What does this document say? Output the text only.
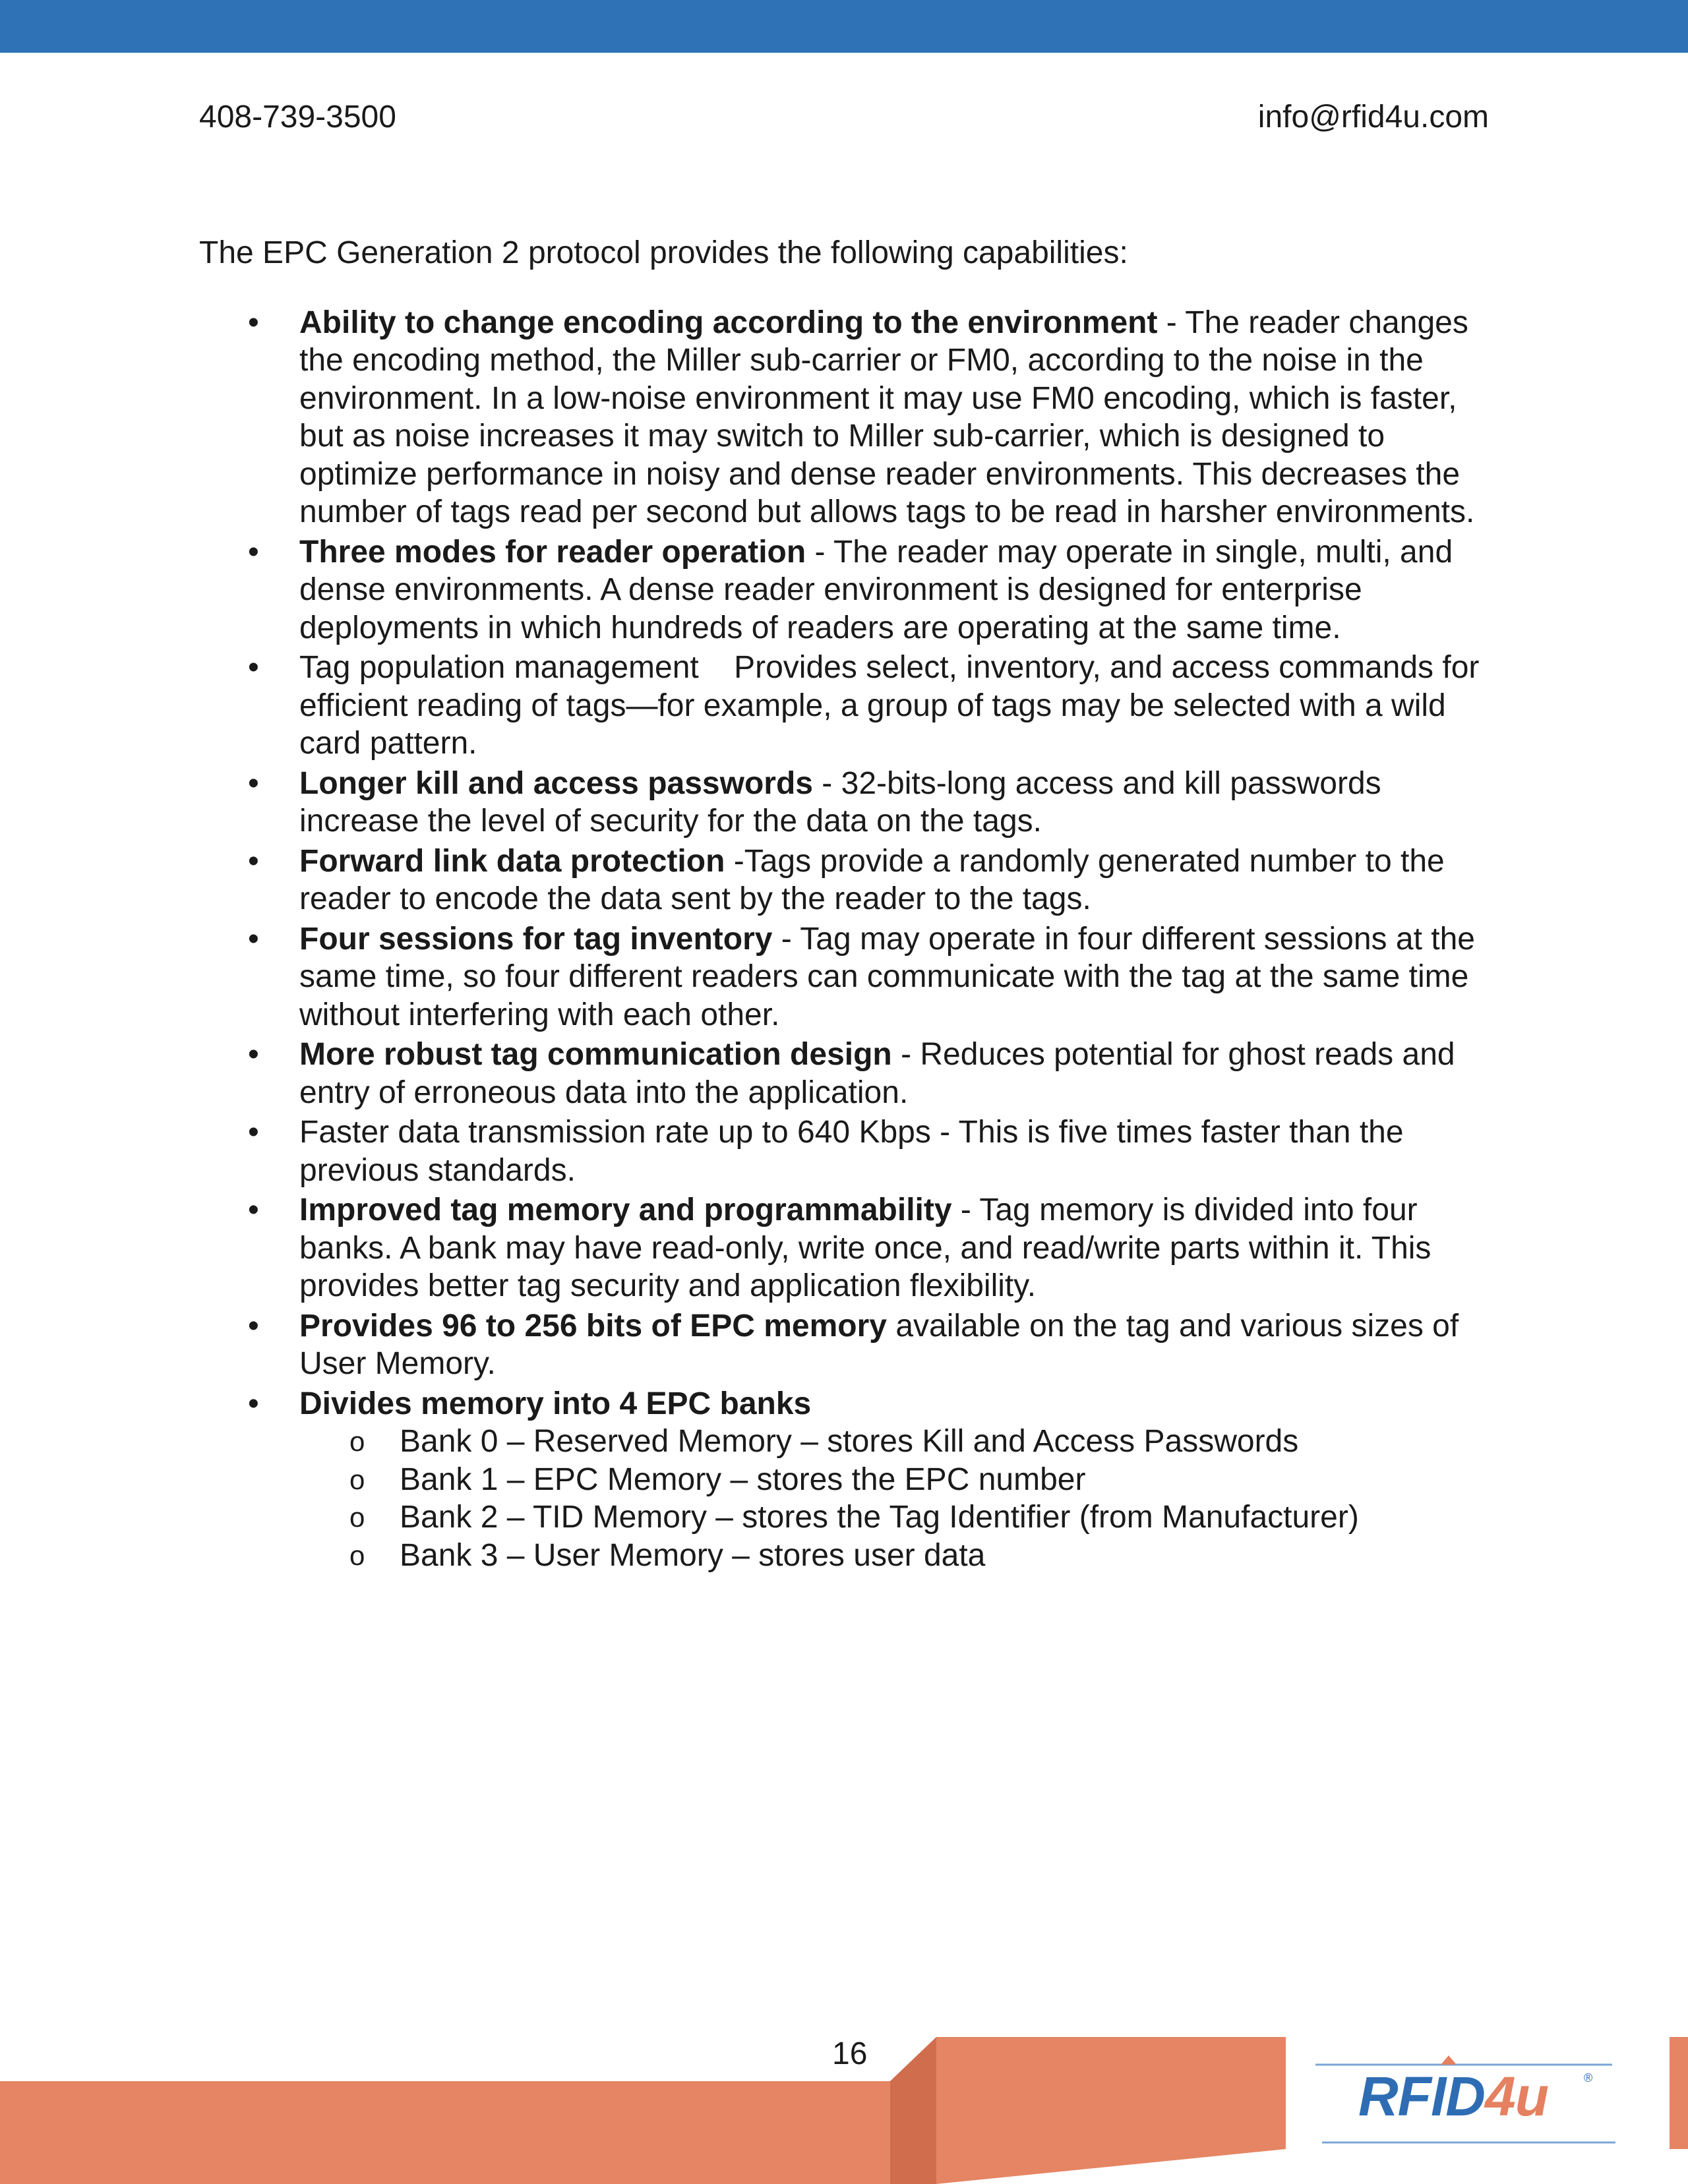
408-739-3500	info@rfid4u.com

The EPC Generation 2 protocol provides the following capabilities:

• Ability to change encoding according to the environment - The reader changes the encoding method, the Miller sub-carrier or FM0, according to the noise in the environment. In a low-noise environment it may use FM0 encoding, which is faster, but as noise increases it may switch to Miller sub-carrier, which is designed to optimize performance in noisy and dense reader environments. This decreases the number of tags read per second but allows tags to be read in harsher environments.
• Three modes for reader operation - The reader may operate in single, multi, and dense environments. A dense reader environment is designed for enterprise deployments in which hundreds of readers are operating at the same time.
• Tag population management    Provides select, inventory, and access commands for efficient reading of tags—for example, a group of tags may be selected with a wild card pattern.
• Longer kill and access passwords - 32-bits-long access and kill passwords increase the level of security for the data on the tags.
• Forward link data protection -Tags provide a randomly generated number to the reader to encode the data sent by the reader to the tags.
• Four sessions for tag inventory - Tag may operate in four different sessions at the same time, so four different readers can communicate with the tag at the same time without interfering with each other.
• More robust tag communication design - Reduces potential for ghost reads and entry of erroneous data into the application.
• Faster data transmission rate up to 640 Kbps - This is five times faster than the previous standards.
• Improved tag memory and programmability - Tag memory is divided into four banks. A bank may have read-only, write once, and read/write parts within it. This provides better tag security and application flexibility.
• Provides 96 to 256 bits of EPC memory available on the tag and various sizes of User Memory.
• Divides memory into 4 EPC banks
o Bank 0 – Reserved Memory – stores Kill and Access Passwords
o Bank 1 – EPC Memory – stores the EPC number
o Bank 2 – TID Memory – stores the Tag Identifier (from Manufacturer)
o Bank 3 – User Memory – stores user data
16
RFID4u	®
